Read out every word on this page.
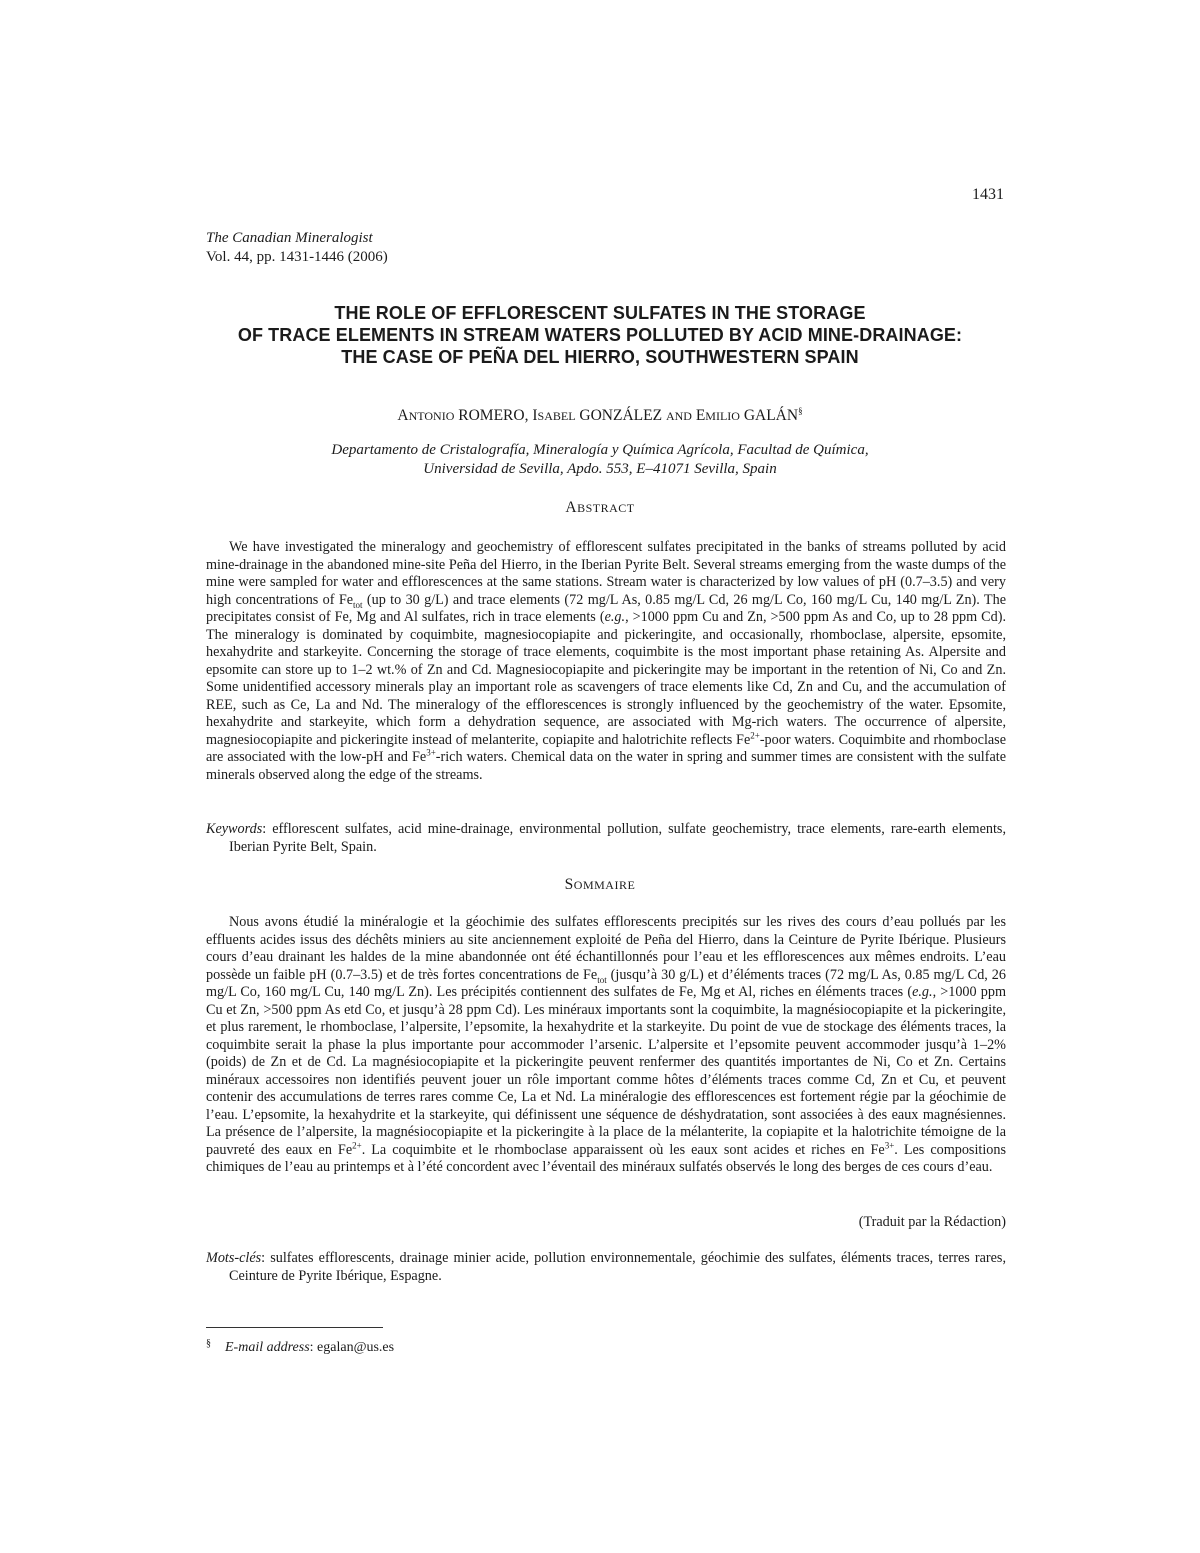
1431
The Canadian Mineralogist
Vol. 44, pp. 1431-1446 (2006)
THE ROLE OF EFFLORESCENT SULFATES IN THE STORAGE
OF TRACE ELEMENTS IN STREAM WATERS POLLUTED BY ACID MINE-DRAINAGE:
THE CASE OF PEÑA DEL HIERRO, SOUTHWESTERN SPAIN
ANTONIO ROMERO, ISABEL GONZÁLEZ AND EMILIO GALÁN§
Departamento de Cristalografía, Mineralogía y Química Agrícola, Facultad de Química,
Universidad de Sevilla, Apdo. 553, E–41071 Sevilla, Spain
ABSTRACT
We have investigated the mineralogy and geochemistry of efflorescent sulfates precipitated in the banks of streams polluted by acid mine-drainage in the abandoned mine-site Peña del Hierro, in the Iberian Pyrite Belt. Several streams emerging from the waste dumps of the mine were sampled for water and efflorescences at the same stations. Stream water is characterized by low values of pH (0.7–3.5) and very high concentrations of $Fe_{tot}$ (up to 30 g/L) and trace elements (72 mg/L As, 0.85 mg/L Cd, 26 mg/L Co, 160 mg/L Cu, 140 mg/L Zn). The precipitates consist of Fe, Mg and Al sulfates, rich in trace elements (e.g., >1000 ppm Cu and Zn, >500 ppm As and Co, up to 28 ppm Cd). The mineralogy is dominated by coquimbite, magnesiocopiapite and pickeringite, and occasionally, rhomboclase, alpersite, epsomite, hexahydrite and starkeyite. Concerning the storage of trace elements, coquimbite is the most important phase retaining As. Alpersite and epsomite can store up to 1–2 wt.% of Zn and Cd. Magnesiocopiapite and pickeringite may be important in the retention of Ni, Co and Zn. Some unidentified accessory minerals play an important role as scavengers of trace elements like Cd, Zn and Cu, and the accumulation of REE, such as Ce, La and Nd. The mineralogy of the efflorescences is strongly influenced by the geochemistry of the water. Epsomite, hexahydrite and starkeyite, which form a dehydration sequence, are associated with Mg-rich waters. The occurrence of alpersite, magnesiocopiapite and pickeringite instead of melanterite, copiapite and halotrichite reflects $Fe^{2+}$-poor waters. Coquimbite and rhomboclase are associated with the low-pH and $Fe^{3+}$-rich waters. Chemical data on the water in spring and summer times are consistent with the sulfate minerals observed along the edge of the streams.
Keywords: efflorescent sulfates, acid mine-drainage, environmental pollution, sulfate geochemistry, trace elements, rare-earth elements, Iberian Pyrite Belt, Spain.
SOMMAIRE
Nous avons étudié la minéralogie et la géochimie des sulfates efflorescents precipités sur les rives des cours d’eau pollués par les effluents acides issus des déchêts miniers au site anciennement exploité de Peña del Hierro, dans la Ceinture de Pyrite Ibérique. Plusieurs cours d’eau drainant les haldes de la mine abandonnée ont été échantillonnés pour l’eau et les efflorescences aux mêmes endroits. L’eau possède un faible pH (0.7–3.5) et de très fortes concentrations de $Fe_{tot}$ (jusqu’à 30 g/L) et d’éléments traces (72 mg/L As, 0.85 mg/L Cd, 26 mg/L Co, 160 mg/L Cu, 140 mg/L Zn). Les précipités contiennent des sulfates de Fe, Mg et Al, riches en éléments traces (e.g., >1000 ppm Cu et Zn, >500 ppm As etd Co, et jusqu’à 28 ppm Cd). Les minéraux importants sont la coquimbite, la magnésiocopiapite et la pickeringite, et plus rarement, le rhomboclase, l’alpersite, l’epsomite, la hexahydrite et la starkeyite. Du point de vue de stockage des éléments traces, la coquimbite serait la phase la plus importante pour accommoder l’arsenic. L’alpersite et l’epsomite peuvent accommoder jusqu’à 1–2% (poids) de Zn et de Cd. La magnésiocopiapite et la pickeringite peuvent renfermer des quantités importantes de Ni, Co et Zn. Certains minéraux accessoires non identifiés peuvent jouer un rôle important comme hôtes d’éléments traces comme Cd, Zn et Cu, et peuvent contenir des accumulations de terres rares comme Ce, La et Nd. La minéralogie des efflorescences est fortement régie par la géochimie de l’eau. L’epsomite, la hexahydrite et la starkeyite, qui définissent une séquence de déshydratation, sont associées à des eaux magnésiennes. La présence de l’alpersite, la magnésiocopiapite et la pickeringite à la place de la mélanterite, la copiapite et la halotrichite témoigne de la pauvreté des eaux en $Fe^{2+}$. La coquimbite et le rhomboclase apparaissent où les eaux sont acides et riches en $Fe^{3+}$. Les compositions chimiques de l’eau au printemps et à l’été concordent avec l’éventail des minéraux sulfatés observés le long des berges de ces cours d’eau.
(Traduit par la Rédaction)
Mots-clés: sulfates efflorescents, drainage minier acide, pollution environnementale, géochimie des sulfates, éléments traces, terres rares, Ceinture de Pyrite Ibérique, Espagne.
§ E-mail address: egalan@us.es
